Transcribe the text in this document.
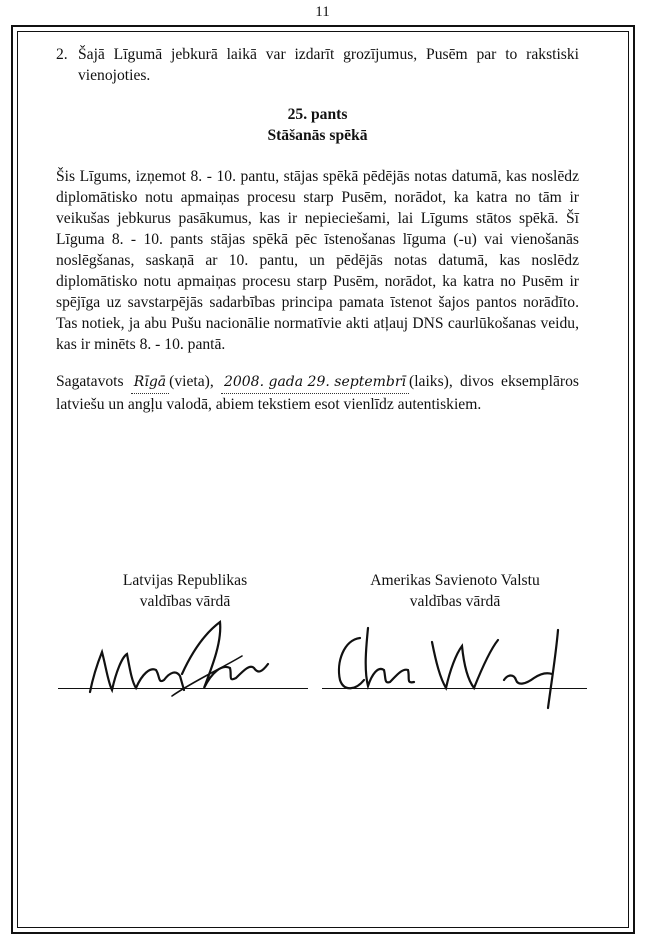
11
2. Šajā Līgumā jebkurā laikā var izdarīt grozījumus, Pusēm par to rakstiski vienojoties.
25. pants
Stāšanās spēkā

Šis Līgums, izņemot 8. - 10. pantu, stājas spēkā pēdējās notas datumā, kas noslēdz diplomātisko notu apmaiņas procesu starp Pusēm, norādot, ka katra no tām ir veikušas jebkurus pasākumus, kas ir nepieciešami, lai Līgums stātos spēkā. Šī Līguma 8. - 10. pants stājas spēkā pēc īstenošanas līguma (-u) vai vienošanās noslēgšanas, saskaņā ar 10. pantu, un pēdējās notas datumā, kas noslēdz diplomātisko notu apmaiņas procesu starp Pusēm, norādot, ka katra no Pusēm ir spējīga uz savstarpējās sadarbības principa pamata īstenot šajos pantos norādīto. Tas notiek, ja abu Pušu nacionālie normatīvie akti atļauj DNS caurlūkošanas veidu, kas ir minēts 8. - 10. pantā.

Sagatavots Rīgā (vieta), 2008. gada 29. septembrī (laiks), divos eksemplāros latviešu un angļu valodā, abiem tekstiem esot vienlīdz autentiskiem.

Latvijas Republikas
valdības vārdā
Amerikas Savienoto Valstu
valdības vārdā
